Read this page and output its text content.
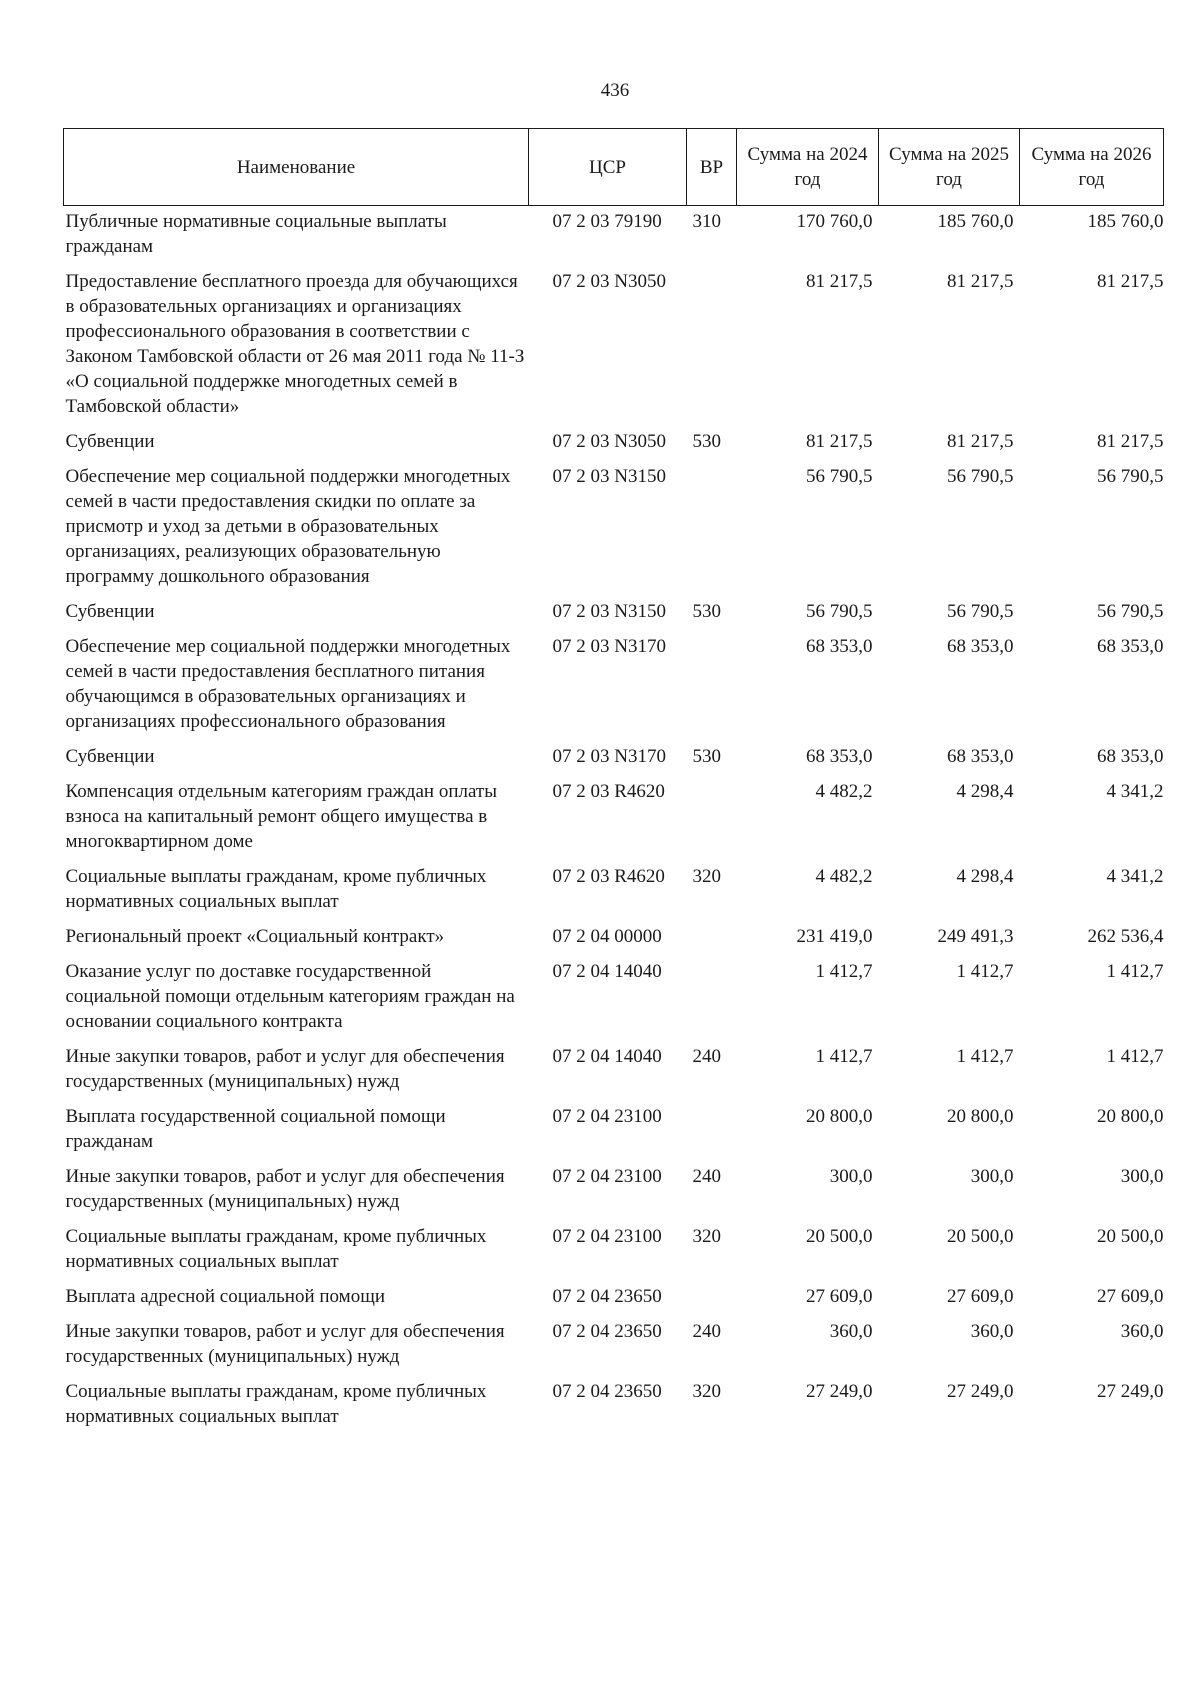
436
Наименование	ЦСР	ВР	Сумма на 2024 год	Сумма на 2025 год	Сумма на 2026 год
Публичные нормативные социальные выплаты гражданам	07 2 03 79190	310	170 760,0	185 760,0	185 760,0
Предоставление бесплатного проезда для обучающихся в образовательных организациях и организациях профессионального образования в соответствии с Законом Тамбовской области от 26 мая 2011 года № 11-З «О социальной поддержке многодетных семей в Тамбовской области»	07 2 03 N3050		81 217,5	81 217,5	81 217,5
Субвенции	07 2 03 N3050	530	81 217,5	81 217,5	81 217,5
Обеспечение мер социальной поддержки многодетных семей в части предоставления скидки по оплате за присмотр и уход за детьми в образовательных организациях, реализующих образовательную программу дошкольного образования	07 2 03 N3150		56 790,5	56 790,5	56 790,5
Субвенции	07 2 03 N3150	530	56 790,5	56 790,5	56 790,5
Обеспечение мер социальной поддержки многодетных семей в части предоставления бесплатного питания обучающимся в образовательных организациях и организациях профессионального образования	07 2 03 N3170		68 353,0	68 353,0	68 353,0
Субвенции	07 2 03 N3170	530	68 353,0	68 353,0	68 353,0
Компенсация отдельным категориям граждан оплаты взноса на капитальный ремонт общего имущества в многоквартирном доме	07 2 03 R4620		4 482,2	4 298,4	4 341,2
Социальные выплаты гражданам, кроме публичных нормативных социальных выплат	07 2 03 R4620	320	4 482,2	4 298,4	4 341,2
Региональный проект «Социальный контракт»	07 2 04 00000		231 419,0	249 491,3	262 536,4
Оказание услуг по доставке государственной социальной помощи отдельным категориям граждан на основании социального контракта	07 2 04 14040		1 412,7	1 412,7	1 412,7
Иные закупки товаров, работ и услуг для обеспечения государственных (муниципальных) нужд	07 2 04 14040	240	1 412,7	1 412,7	1 412,7
Выплата государственной социальной помощи гражданам	07 2 04 23100		20 800,0	20 800,0	20 800,0
Иные закупки товаров, работ и услуг для обеспечения государственных (муниципальных) нужд	07 2 04 23100	240	300,0	300,0	300,0
Социальные выплаты гражданам, кроме публичных нормативных социальных выплат	07 2 04 23100	320	20 500,0	20 500,0	20 500,0
Выплата адресной социальной помощи	07 2 04 23650		27 609,0	27 609,0	27 609,0
Иные закупки товаров, работ и услуг для обеспечения государственных (муниципальных) нужд	07 2 04 23650	240	360,0	360,0	360,0
Социальные выплаты гражданам, кроме публичных нормативных социальных выплат	07 2 04 23650	320	27 249,0	27 249,0	27 249,0
